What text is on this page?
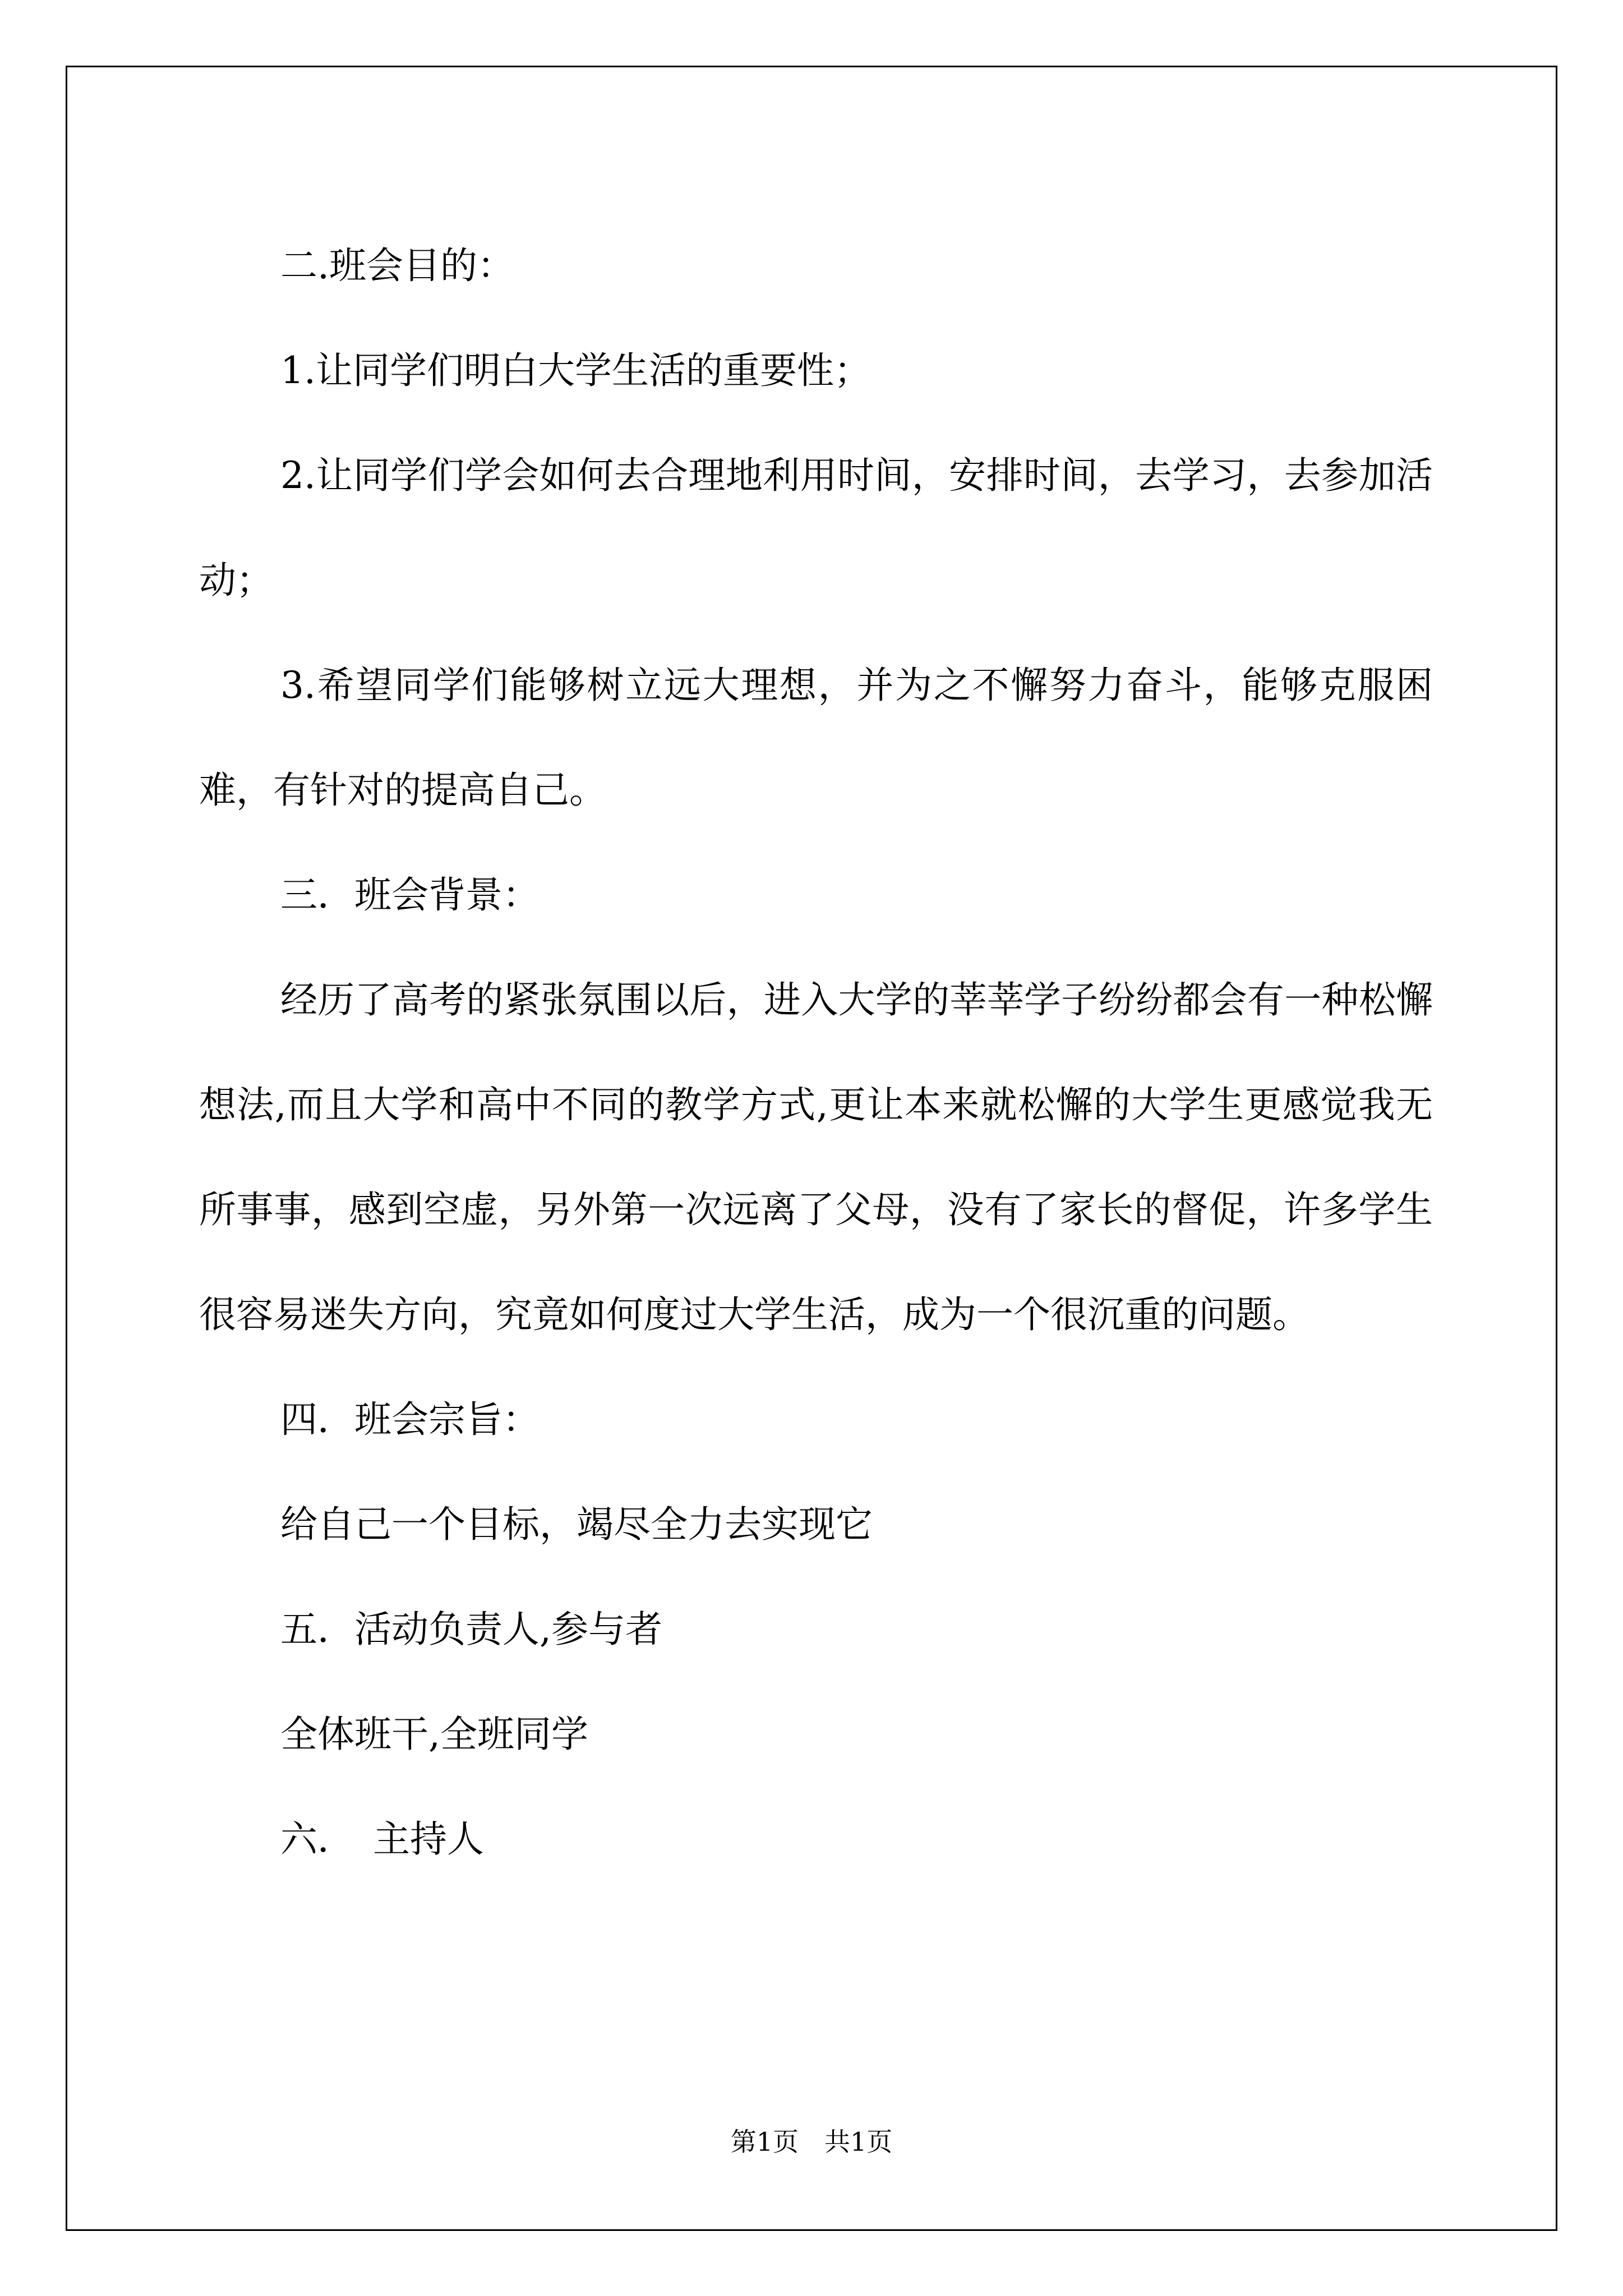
二.班会目的：

1.让同学们明白大学生活的重要性；

2.让同学们学会如何去合理地利用时间，安排时间，去学习，去参加活动；

3.希望同学们能够树立远大理想，并为之不懈努力奋斗，能够克服困难，有针对的提高自己。

三．班会背景：

经历了高考的紧张氛围以后，进入大学的莘莘学子纷纷都会有一种松懈想法,而且大学和高中不同的教学方式,更让本来就松懈的大学生更感觉我无所事事，感到空虚，另外第一次远离了父母，没有了家长的督促，许多学生很容易迷失方向，究竟如何度过大学生活，成为一个很沉重的问题。

四．班会宗旨：

给自己一个目标，竭尽全力去实现它

五．活动负责人,参与者

全体班干,全班同学

六．　主持人

第1页　共1页
